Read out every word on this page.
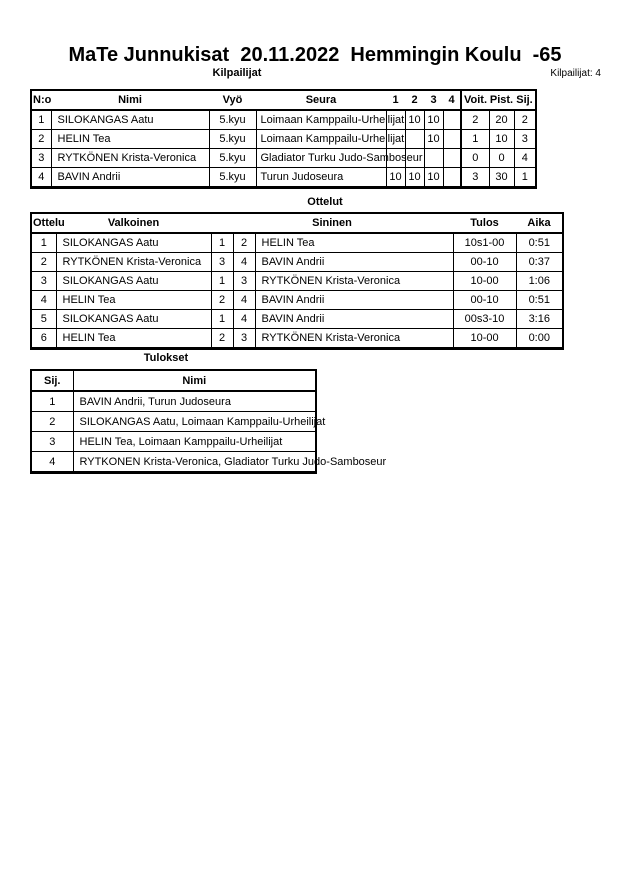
MaTe Junnukisat  20.11.2022  Hemmingin Koulu  -65
Kilpailijat	Kilpailijat: 4
N:o	Nimi	Vyö	Seura	1	2	3	4	Voit.	Pist.	Sij.
1	SILOKANGAS Aatu	5.kyu	Loimaan Kamppailu-Urheilijat		10	10		2	20	2
2	HELIN Tea	5.kyu	Loimaan Kamppailu-Urheilijat			10		1	10	3
3	RYTKÖNEN Krista-Veronica	5.kyu	Gladiator Turku Judo-Samboseur					0	0	4
4	BAVIN Andrii	5.kyu	Turun Judoseura	10	10	10		3	30	1
Ottelut
Ottelu	Valkoinen	Sininen			Tulos	Aika
1	SILOKANGAS Aatu	1	2	HELIN Tea	10s1-00	0:51
2	RYTKÖNEN Krista-Veronica	3	4	BAVIN Andrii	00-10	0:37
3	SILOKANGAS Aatu	1	3	RYTKÖNEN Krista-Veronica	10-00	1:06
4	HELIN Tea	2	4	BAVIN Andrii	00-10	0:51
5	SILOKANGAS Aatu	1	4	BAVIN Andrii	00s3-10	3:16
6	HELIN Tea	2	3	RYTKÖNEN Krista-Veronica	10-00	0:00
Tulokset
Sij.	Nimi
1	BAVIN Andrii, Turun Judoseura
2	SILOKANGAS Aatu, Loimaan Kamppailu-Urheilijat
3	HELIN Tea, Loimaan Kamppailu-Urheilijat
4	RYTKONEN Krista-Veronica, Gladiator Turku Judo-Samboseur
